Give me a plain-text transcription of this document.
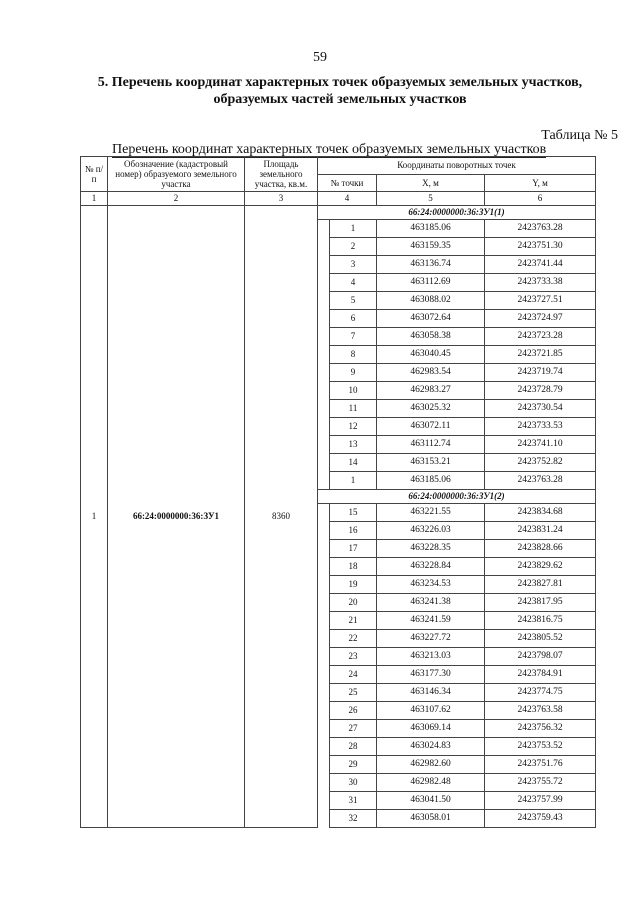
59
5. Перечень координат характерных точек образуемых земельных участков,
образуемых частей земельных участков
Таблица № 5
Перечень координат характерных точек образуемых земельных участков
№ п/п	Обозначение (кадастровый номер) образуемого земельного участка	Площадь земельного участка, кв.м.	Координаты поворотных точек			
			№ точки		X, м	Y, м
1	2	3	4		5	6
1	66:24:0000000:36:ЗУ1	8360	66:24:0000000:36:ЗУ1(1)			
				1	463185.06	2423763.28
				2	463159.35	2423751.30
				3	463136.74	2423741.44
				4	463112.69	2423733.38
				5	463088.02	2423727.51
				6	463072.64	2423724.97
				7	463058.38	2423723.28
				8	463040.45	2423721.85
				9	462983.54	2423719.74
				10	462983.27	2423728.79
				11	463025.32	2423730.54
				12	463072.11	2423733.53
				13	463112.74	2423741.10
				14	463153.21	2423752.82
				1	463185.06	2423763.28
			66:24:0000000:36:ЗУ1(2)			
				15	463221.55	2423834.68
				16	463226.03	2423831.24
				17	463228.35	2423828.66
				18	463228.84	2423829.62
				19	463234.53	2423827.81
				20	463241.38	2423817.95
				21	463241.59	2423816.75
				22	463227.72	2423805.52
				23	463213.03	2423798.07
				24	463177.30	2423784.91
				25	463146.34	2423774.75
				26	463107.62	2423763.58
				27	463069.14	2423756.32
				28	463024.83	2423753.52
				29	462982.60	2423751.76
				30	462982.48	2423755.72
				31	463041.50	2423757.99
				32	463058.01	2423759.43
